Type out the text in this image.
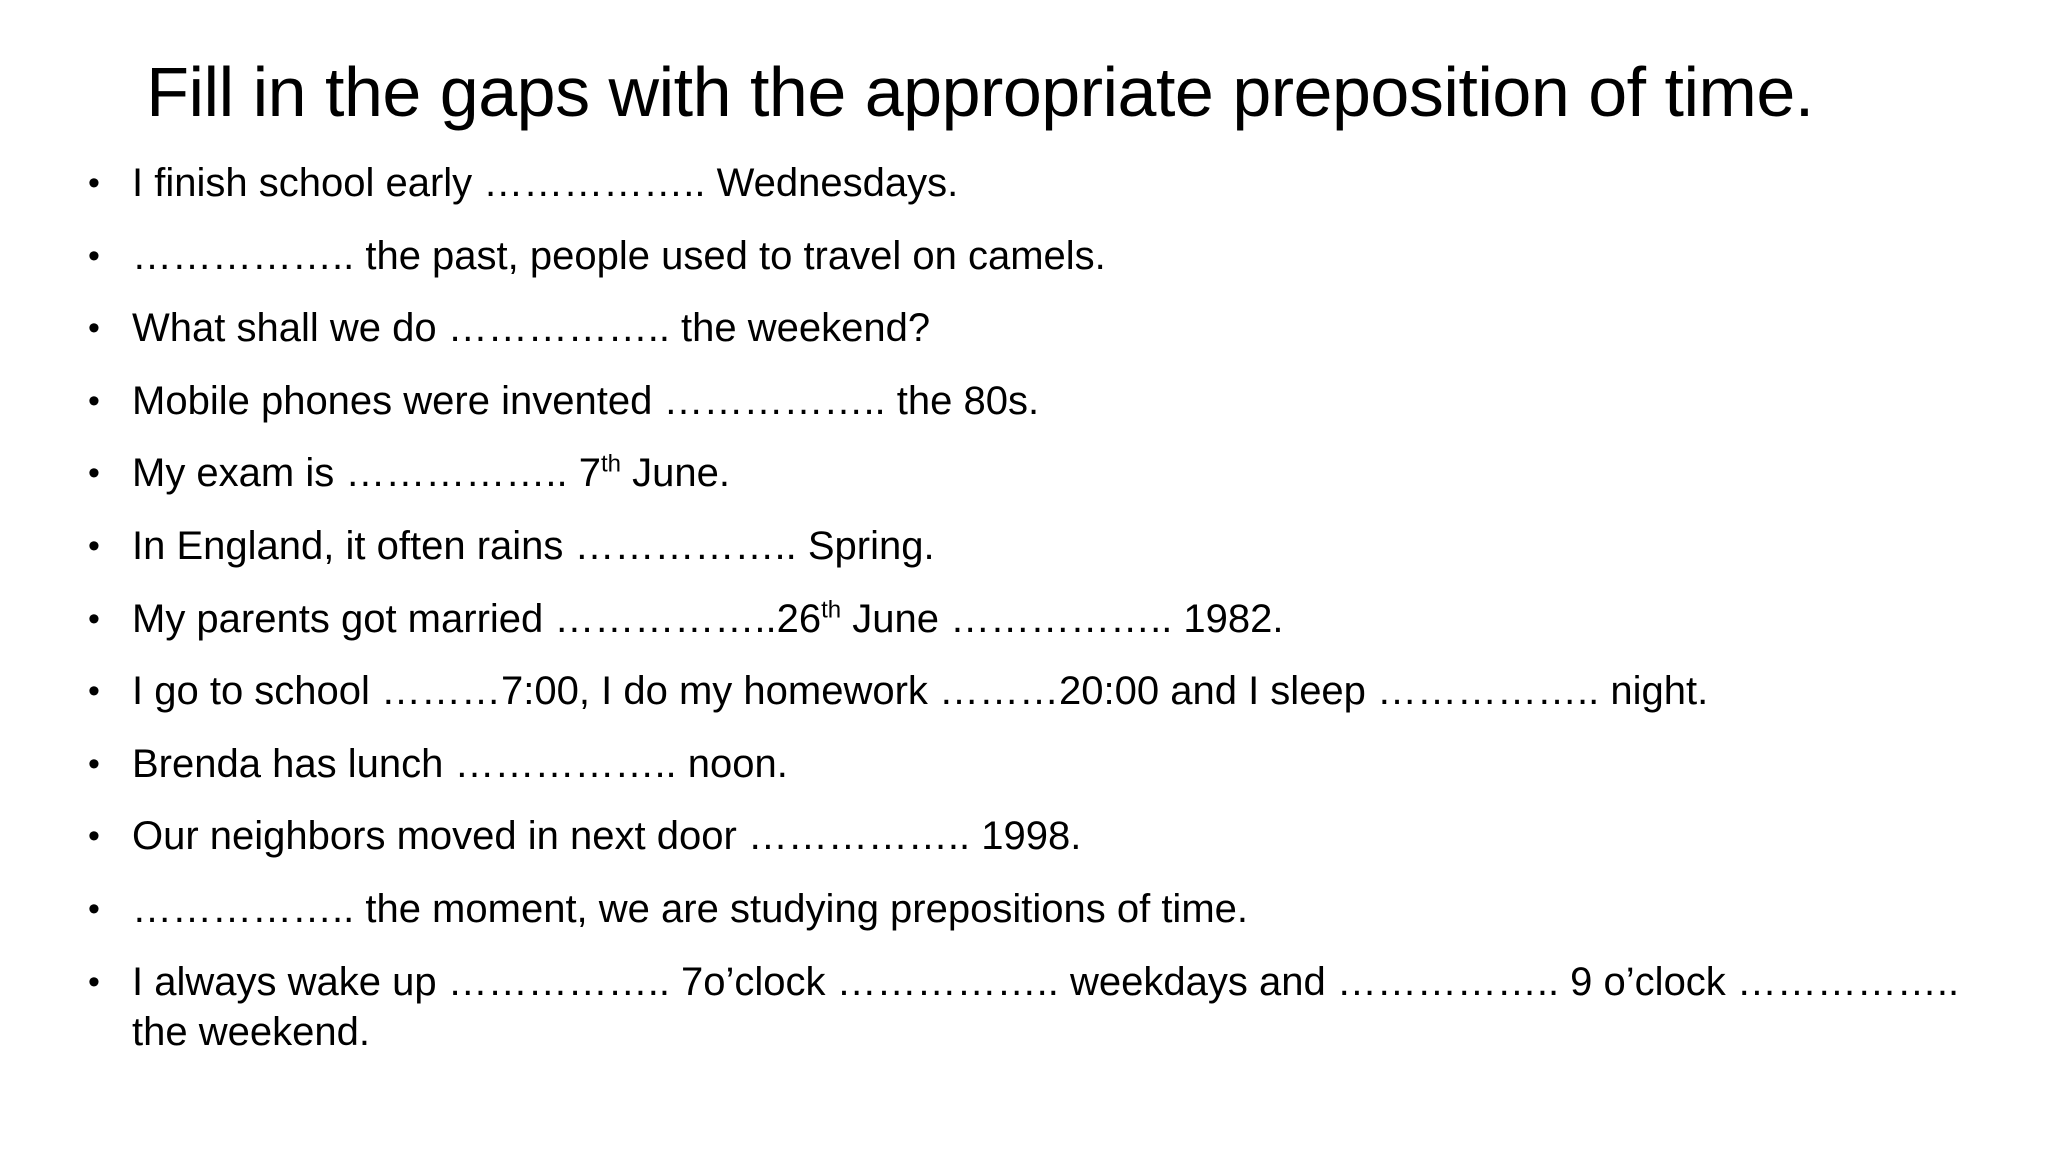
Fill in the gaps with the appropriate preposition of time.
• I finish school early …………….. Wednesdays.
• …………….. the past, people used to travel on camels.
• What shall we do …………….. the weekend?
• Mobile phones were invented …………….. the 80s.
• My exam is …………….. 7th June.
• In England, it often rains …………….. Spring.
• My parents got married ……………..26th June …………….. 1982.
• I go to school ………7:00, I do my homework ………20:00 and I sleep …………….. night.
• Brenda has lunch …………….. noon.
• Our neighbors moved in next door …………….. 1998.
• …………….. the moment, we are studying prepositions of time.
• I always wake up …………….. 7o’clock …………….. weekdays and …………….. 9 o’clock …………….. the weekend.
